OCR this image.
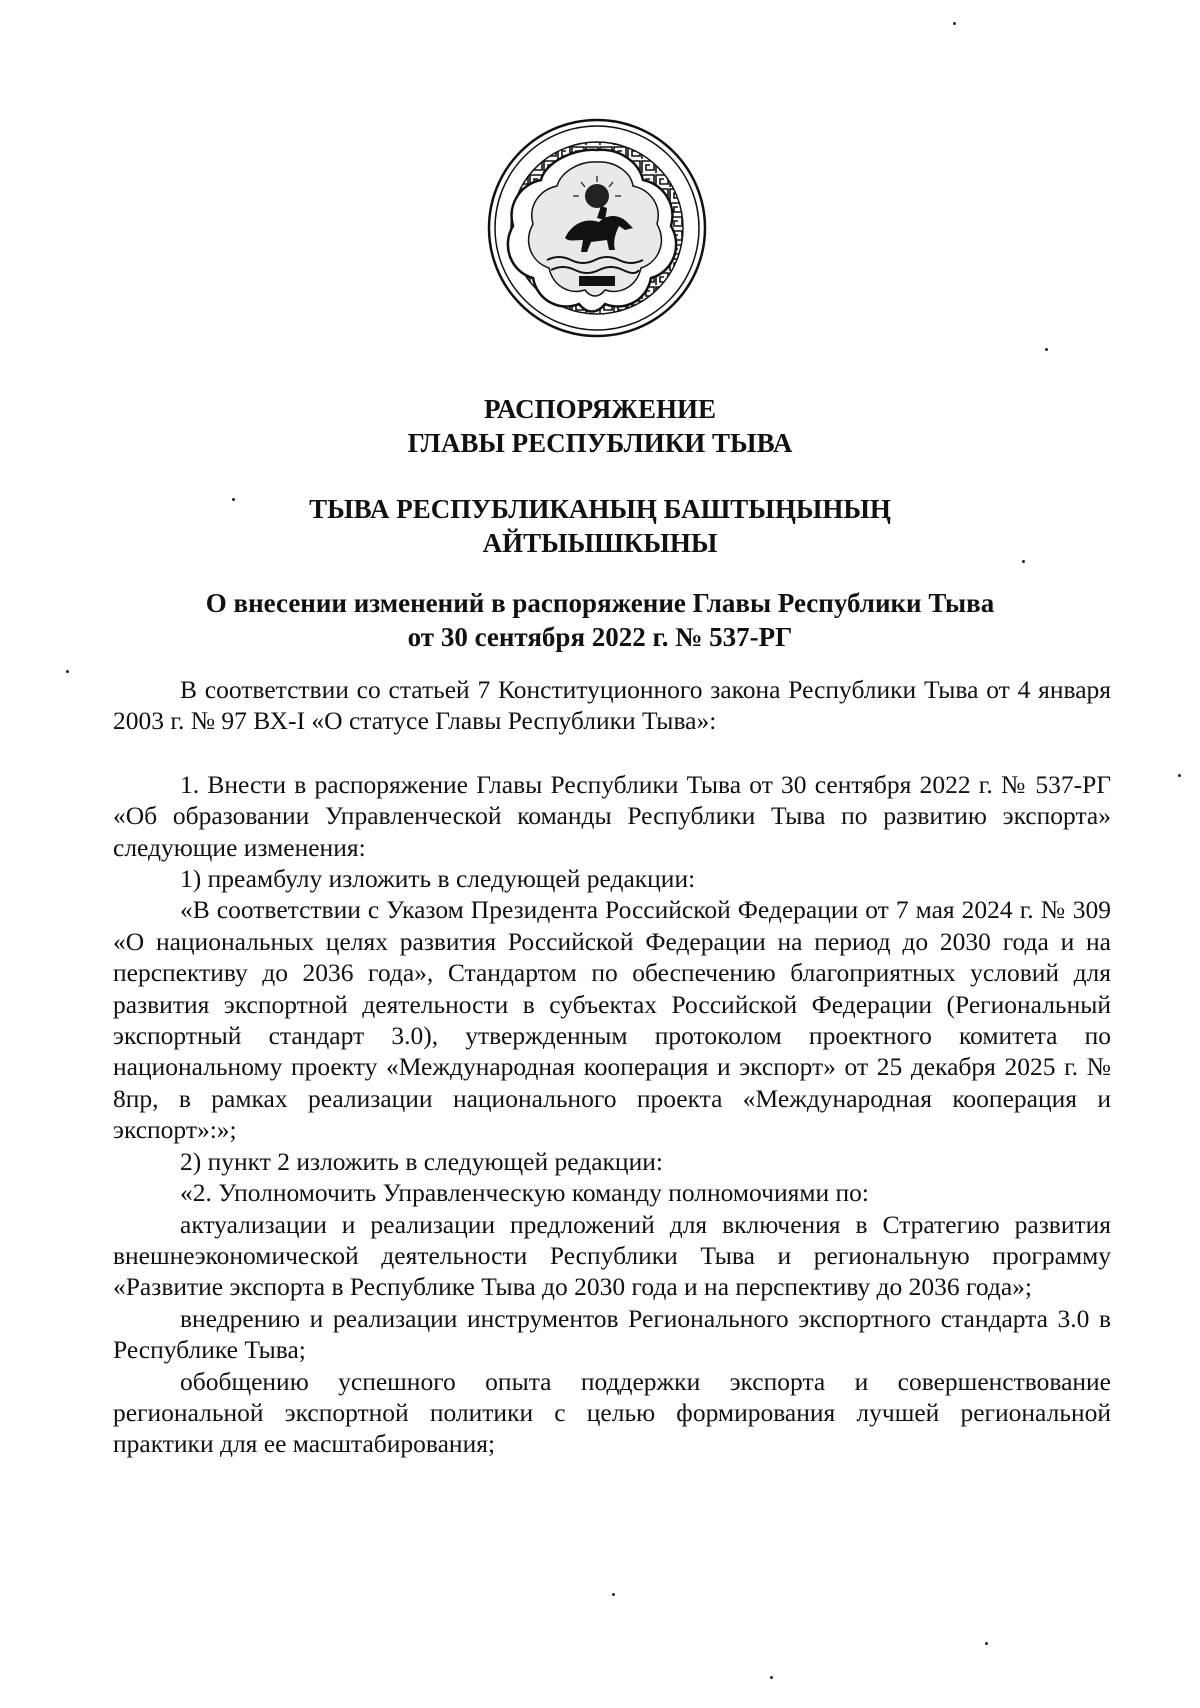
РАСПОРЯЖЕНИЕ
ГЛАВЫ РЕСПУБЛИКИ ТЫВА
ТЫВА РЕСПУБЛИКАНЫҢ БАШТЫҢЫНЫҢ
АЙТЫЫШКЫНЫ
О внесении изменений в распоряжение Главы Республики Тыва
от 30 сентября 2022 г. № 537-РГ

В соответствии со статьей 7 Конституционного закона Республики Тыва от 4 января 2003 г. № 97 ВХ-I «О статусе Главы Республики Тыва»:

1. Внести в распоряжение Главы Республики Тыва от 30 сентября 2022 г. № 537-РГ «Об образовании Управленческой команды Республики Тыва по развитию экспорта» следующие изменения:

1) преамбулу изложить в следующей редакции:

«В соответствии с Указом Президента Российской Федерации от 7 мая 2024 г. № 309 «О национальных целях развития Российской Федерации на период до 2030 года и на перспективу до 2036 года», Стандартом по обеспечению благоприятных условий для развития экспортной деятельности в субъектах Российской Федерации (Региональный экспортный стандарт 3.0), утвержденным протоколом проектного комитета по национальному проекту «Международная кооперация и экспорт» от 25 декабря 2025 г. № 8пр, в рамках реализации национального проекта «Международная кооперация и экспорт»:»;

2) пункт 2 изложить в следующей редакции:

«2. Уполномочить Управленческую команду полномочиями по:

актуализации и реализации предложений для включения в Стратегию развития внешнеэкономической деятельности Республики Тыва и региональную программу «Развитие экспорта в Республике Тыва до 2030 года и на перспективу до 2036 года»;

внедрению и реализации инструментов Регионального экспортного стандарта 3.0 в Республике Тыва;

обобщению успешного опыта поддержки экспорта и совершенствование региональной экспортной политики с целью формирования лучшей региональной практики для ее масштабирования;
